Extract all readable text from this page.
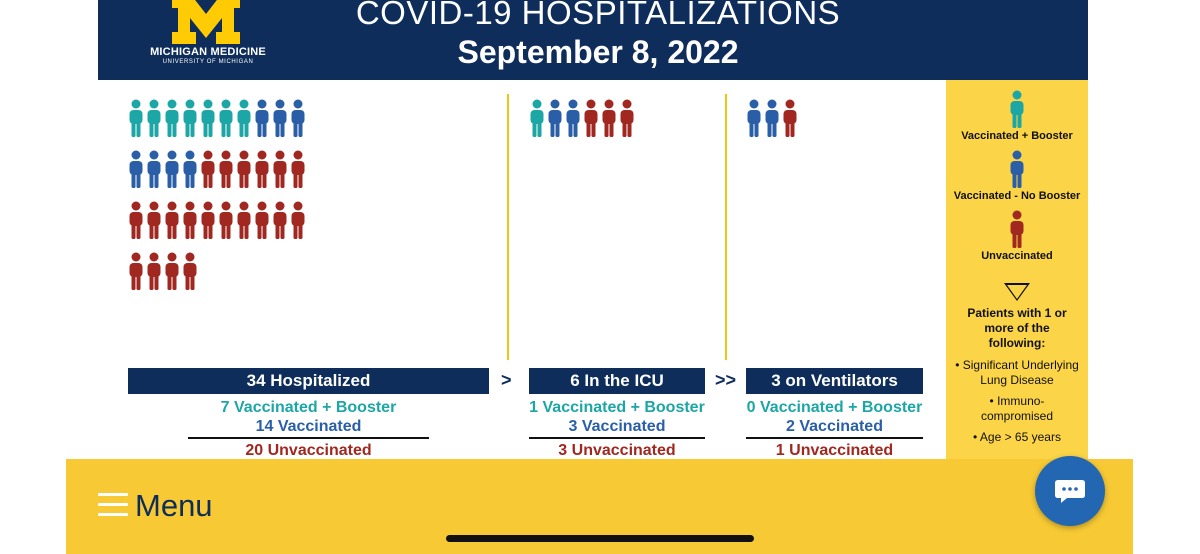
MICHIGAN MEDICINE
UNIVERSITY OF MICHIGAN
COVID-19 HOSPITALIZATIONS
September 8, 2022
34 Hospitalized
7 Vaccinated + Booster
14 Vaccinated
20 Unvaccinated
>	6 In the ICU
1 Vaccinated + Booster
3 Vaccinated
3 Unvaccinated
>>	3 on Ventilators
0 Vaccinated + Booster
2 Vaccinated
1 Unvaccinated
Vaccinated + Booster
Vaccinated - No Booster
Unvaccinated
Patients with 1 or more of the following:
• Significant Underlying Lung Disease
• Immuno-compromised
• Age > 65 years
Menu
